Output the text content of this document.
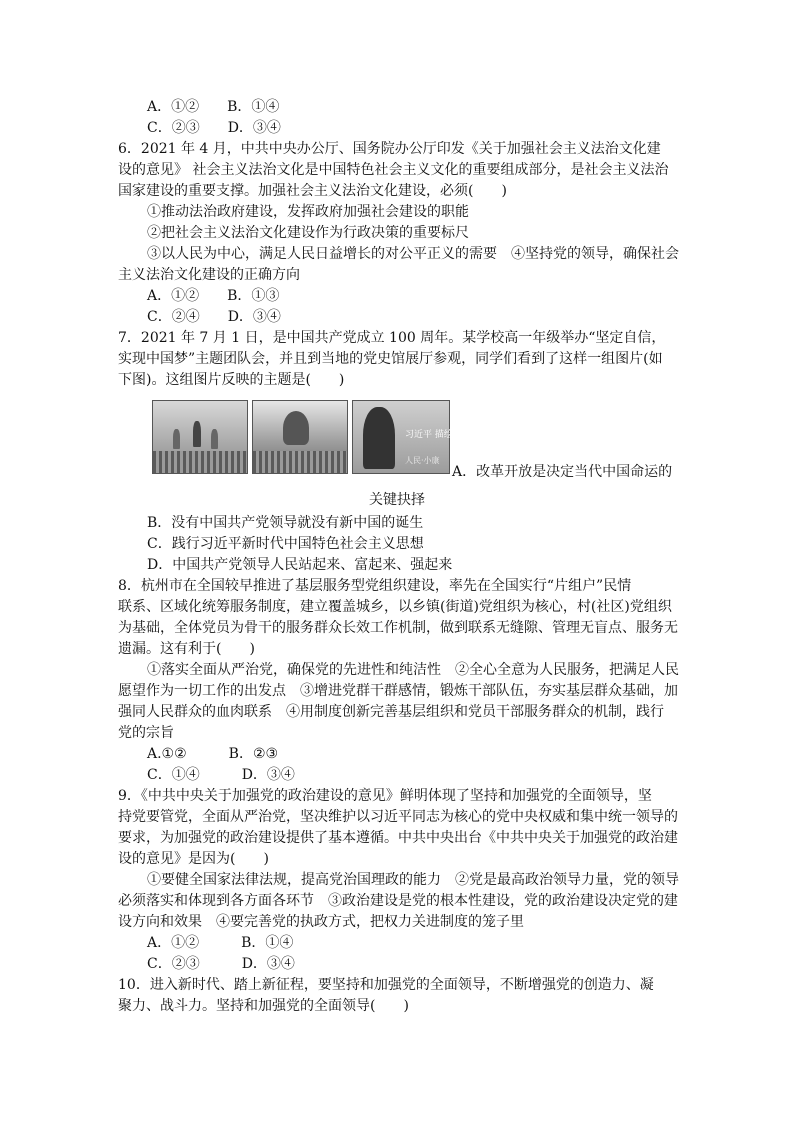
A．①②　　B．①④
C．②③　　D．③④
6．2021 年 4 月，中共中央办公厅、国务院办公厅印发《关于加强社会主义法治文化建
设的意见》 社会主义法治文化是中国特色社会主义文化的重要组成部分，是社会主义法治
国家建设的重要支撑。加强社会主义法治文化建设，必须(　　)
①推动法治政府建设，发挥政府加强社会建设的职能
②把社会主义法治文化建设作为行政决策的重要标尺
③以人民为中心，满足人民日益增长的对公平正义的需要　④坚持党的领导，确保社会
主义法治文化建设的正确方向
A．①②　　B．①③
C．②④　　D．③④
7．2021 年 7 月 1 日，是中国共产党成立 100 周年。某学校高一年级举办“坚定自信，
实现中国梦”主题团队会，并且到当地的党史馆展厅参观，同学们看到了这样一组图片(如
下图)。这组图片反映的主题是(　　)
习近平 描绘擘画中国梦
人民·小康
A．改革开放是决定当代中国命运的
关键抉择
B．没有中国共产党领导就没有新中国的诞生
C．践行习近平新时代中国特色社会主义思想
D．中国共产党领导人民站起来、富起来、强起来
8．杭州市在全国较早推进了基层服务型党组织建设，率先在全国实行“片组户”民情
联系、区域化统筹服务制度，建立覆盖城乡，以乡镇(街道)党组织为核心，村(社区)党组织
为基础，全体党员为骨干的服务群众长效工作机制，做到联系无缝隙、管理无盲点、服务无
遗漏。这有利于(　　)
①落实全面从严治党，确保党的先进性和纯洁性　②全心全意为人民服务，把满足人民
愿望作为一切工作的出发点　③增进党群干群感情，锻炼干部队伍，夯实基层群众基础，加
强同人民群众的血肉联系　④用制度创新完善基层组织和党员干部服务群众的机制，践行
党的宗旨
A.①②　　　B．②③
C．①④　　　D．③④
9．《中共中央关于加强党的政治建设的意见》鲜明体现了坚持和加强党的全面领导，坚
持党要管党，全面从严治党，坚决维护以习近平同志为核心的党中央权威和集中统一领导的
要求，为加强党的政治建设提供了基本遵循。中共中央出台《中共中央关于加强党的政治建
设的意见》是因为(　　)
①要健全国家法律法规，提高党治国理政的能力　②党是最高政治领导力量，党的领导
必须落实和体现到各方面各环节　③政治建设是党的根本性建设，党的政治建设决定党的建
设方向和效果　④要完善党的执政方式，把权力关进制度的笼子里
A．①②　　　B．①④
C．②③　　　D．③④
10．进入新时代、踏上新征程，要坚持和加强党的全面领导，不断增强党的创造力、凝
聚力、战斗力。坚持和加强党的全面领导(　　)
